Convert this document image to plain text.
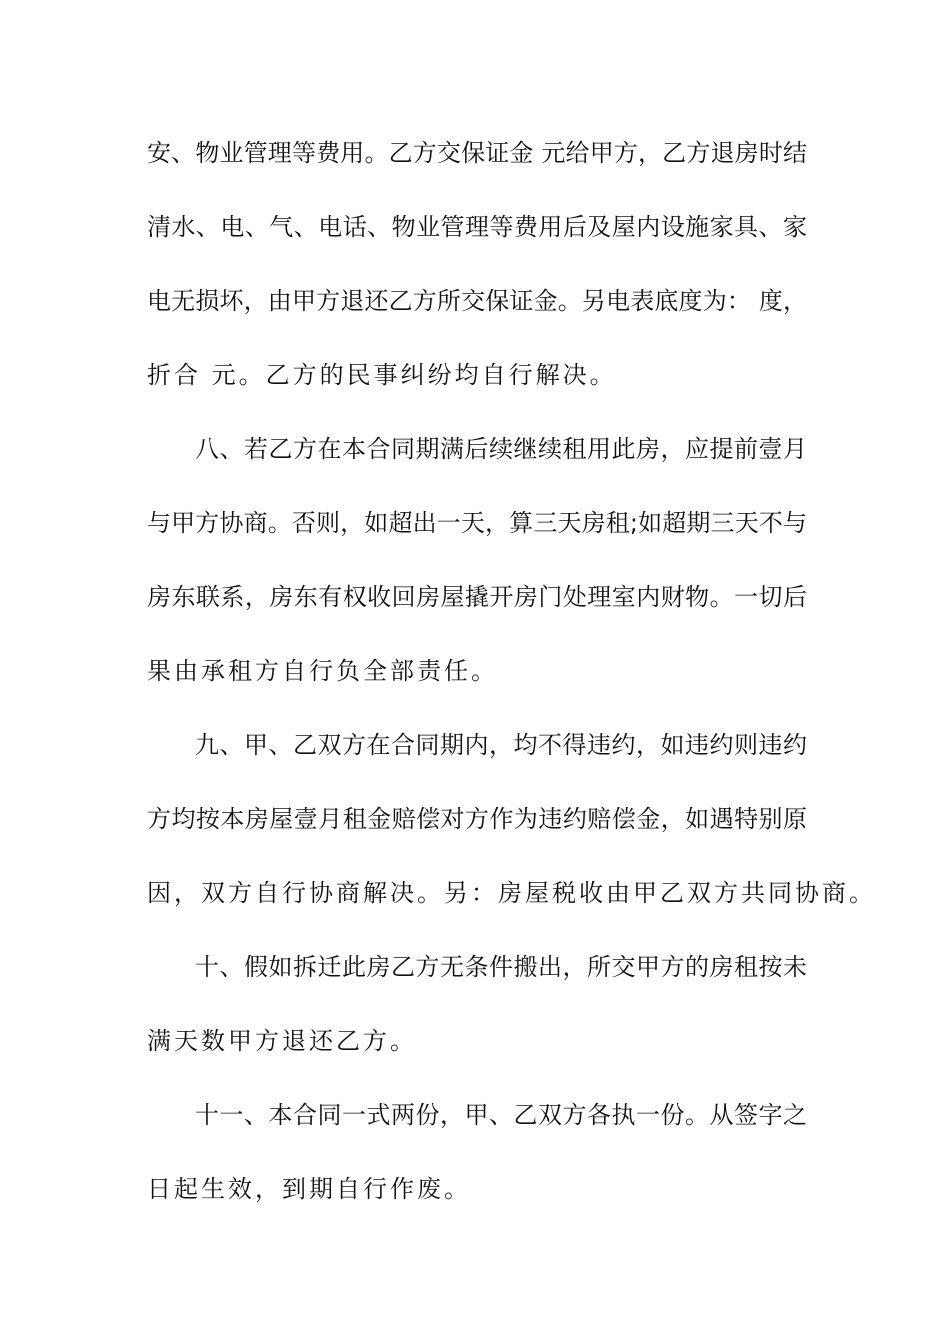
安、物业管理等费用。乙方交保证金 元给甲方，乙方退房时结
清水、电、气、电话、物业管理等费用后及屋内设施家具、家
电无损坏，由甲方退还乙方所交保证金。另电表底度为： 度，
折合 元。乙方的民事纠纷均自行解决。
八、若乙方在本合同期满后续继续租用此房，应提前壹月
与甲方协商。否则，如超出一天，算三天房租;如超期三天不与
房东联系，房东有权收回房屋撬开房门处理室内财物。一切后
果由承租方自行负全部责任。
九、甲、乙双方在合同期内，均不得违约，如违约则违约
方均按本房屋壹月租金赔偿对方作为违约赔偿金，如遇特别原
因，双方自行协商解决。另：房屋税收由甲乙双方共同协商。
十、假如拆迁此房乙方无条件搬出，所交甲方的房租按未
满天数甲方退还乙方。
十一、本合同一式两份，甲、乙双方各执一份。从签字之
日起生效，到期自行作废。
